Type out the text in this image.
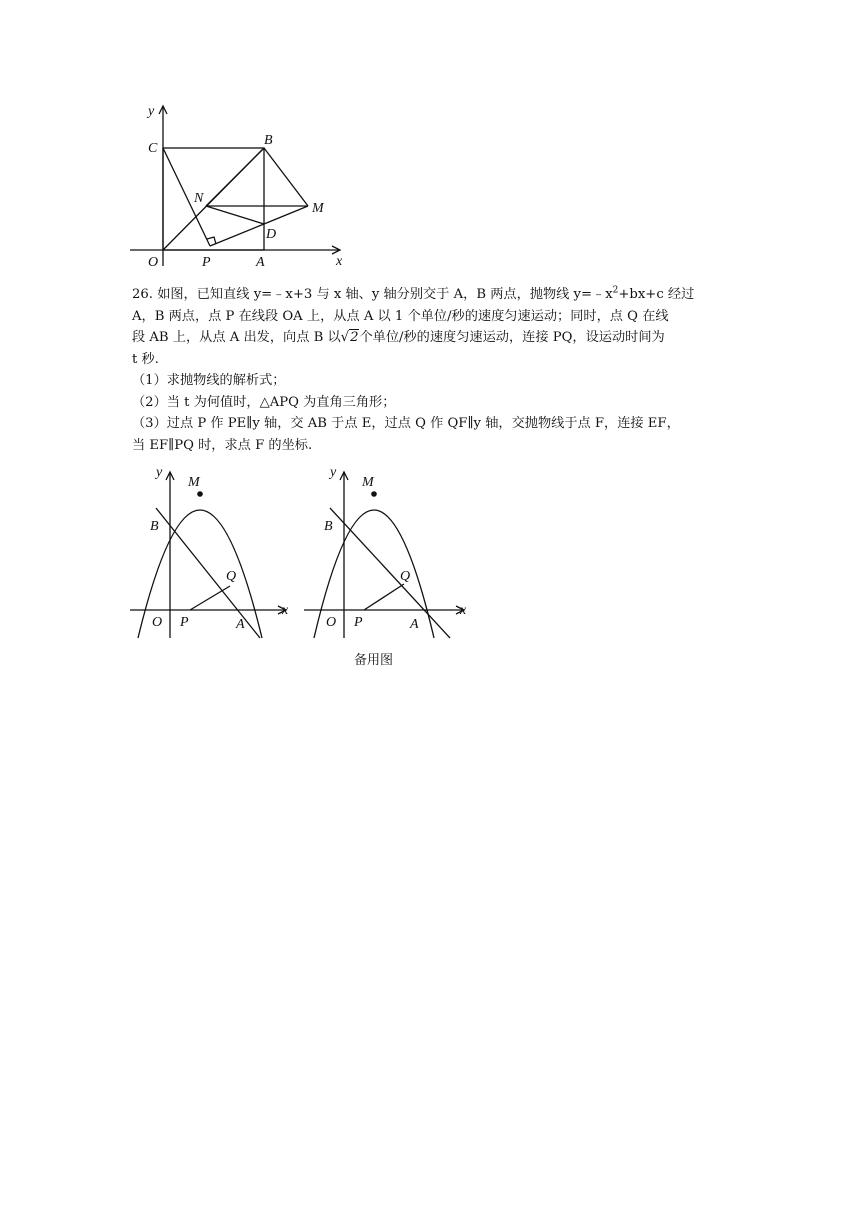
y
x
O
C
B
N
M
D
P	A

26. 如图，已知直线 y=﹣x+3 与 x 轴、y 轴分别交于 A，B 两点，抛物线 $y=﹣x^2+bx+c$ 经过

A，B 两点，点 P 在线段 OA 上，从点 A 以 1 个单位/秒的速度匀速运动；同时，点 Q 在线

段 AB 上，从点 A 出发，向点 B 以√2个单位/秒的速度匀速运动，连接 PQ，设运动时间为

t 秒.

（1）求抛物线的解析式；

（2）当 t 为何值时，△APQ 为直角三角形；

（3）过点 P 作 PE∥y 轴，交 AB 于点 E，过点 Q 作 QF∥y 轴，交抛物线于点 F，连接 EF，

当 EF∥PQ 时，求点 F 的坐标.

y
x
M
B
Q
O P	A
y
x
M
B
Q
O P	A
备用图
